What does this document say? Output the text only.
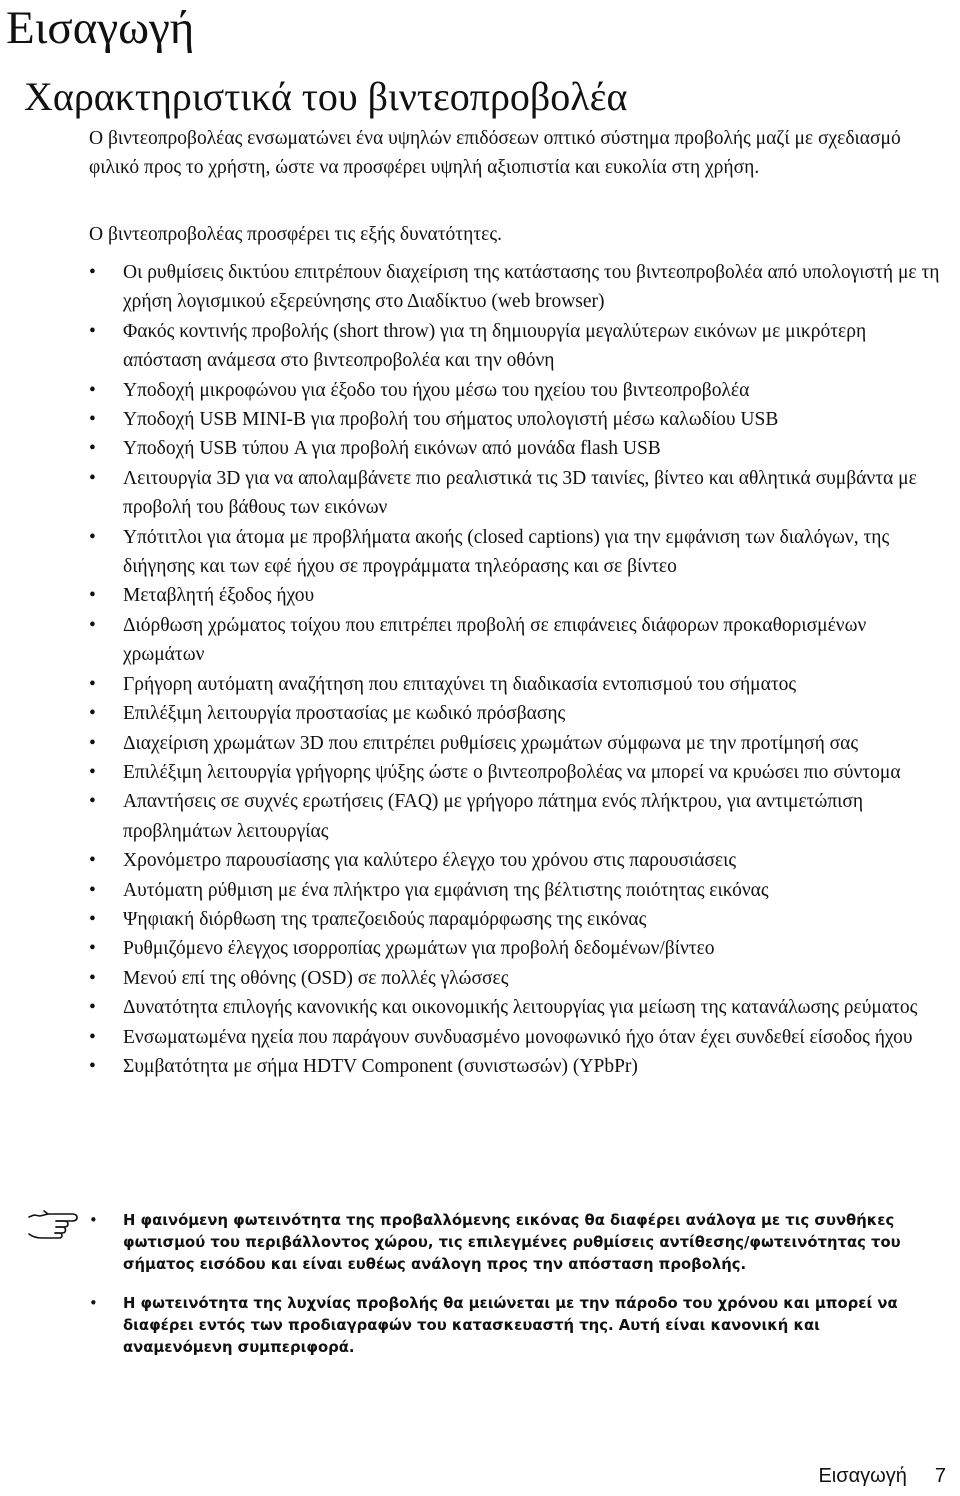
Εισαγωγή
Χαρακτηριστικά του βιντεοπροβολέα

Ο βιντεοπροβολέας ενσωματώνει ένα υψηλών επιδόσεων οπτικό σύστημα προβολής μαζί με σχεδιασμό φιλικό προς το χρήστη, ώστε να προσφέρει υψηλή αξιοπιστία και ευκολία στη χρήση.

Ο βιντεοπροβολέας προσφέρει τις εξής δυνατότητες.

• Οι ρυθμίσεις δικτύου επιτρέπουν διαχείριση της κατάστασης του βιντεοπροβολέα από υπολογιστή με τη χρήση λογισμικού εξερεύνησης στο Διαδίκτυο (web browser)
• Φακός κοντινής προβολής (short throw) για τη δημιουργία μεγαλύτερων εικόνων με μικρότερη απόσταση ανάμεσα στο βιντεοπροβολέα και την οθόνη
• Υποδοχή μικροφώνου για έξοδο του ήχου μέσω του ηχείου του βιντεοπροβολέα
• Υποδοχή USB MINI-B για προβολή του σήματος υπολογιστή μέσω καλωδίου USB
• Υποδοχή USB τύπου A για προβολή εικόνων από μονάδα flash USB
• Λειτουργία 3D για να απολαμβάνετε πιο ρεαλιστικά τις 3D ταινίες, βίντεο και αθλητικά συμβάντα με προβολή του βάθους των εικόνων
• Υπότιτλοι για άτομα με προβλήματα ακοής (closed captions) για την εμφάνιση των διαλόγων, της διήγησης και των εφέ ήχου σε προγράμματα τηλεόρασης και σε βίντεο
• Μεταβλητή έξοδος ήχου
• Διόρθωση χρώματος τοίχου που επιτρέπει προβολή σε επιφάνειες διάφορων προκαθορισμένων χρωμάτων
• Γρήγορη αυτόματη αναζήτηση που επιταχύνει τη διαδικασία εντοπισμού του σήματος
• Επιλέξιμη λειτουργία προστασίας με κωδικό πρόσβασης
• Διαχείριση χρωμάτων 3D που επιτρέπει ρυθμίσεις χρωμάτων σύμφωνα με την προτίμησή σας
• Επιλέξιμη λειτουργία γρήγορης ψύξης ώστε ο βιντεοπροβολέας να μπορεί να κρυώσει πιο σύντομα
• Απαντήσεις σε συχνές ερωτήσεις (FAQ) με γρήγορο πάτημα ενός πλήκτρου, για αντιμετώπιση προβλημάτων λειτουργίας
• Χρονόμετρο παρουσίασης για καλύτερο έλεγχο του χρόνου στις παρουσιάσεις
• Αυτόματη ρύθμιση με ένα πλήκτρο για εμφάνιση της βέλτιστης ποιότητας εικόνας
• Ψηφιακή διόρθωση της τραπεζοειδούς παραμόρφωσης της εικόνας
• Ρυθμιζόμενο έλεγχος ισορροπίας χρωμάτων για προβολή δεδομένων/βίντεο
• Μενού επί της οθόνης (OSD) σε πολλές γλώσσες
• Δυνατότητα επιλογής κανονικής και οικονομικής λειτουργίας για μείωση της κατανάλωσης ρεύματος
• Ενσωματωμένα ηχεία που παράγουν συνδυασμένο μονοφωνικό ήχο όταν έχει συνδεθεί είσοδος ήχου
• Συμβατότητα με σήμα HDTV Component (συνιστωσών) (YPbPr)
• Η φαινόμενη φωτεινότητα της προβαλλόμενης εικόνας θα διαφέρει ανάλογα με τις συνθήκες φωτισμού του περιβάλλοντος χώρου, τις επιλεγμένες ρυθμίσεις αντίθεσης/φωτεινότητας του σήματος εισόδου και είναι ευθέως ανάλογη προς την απόσταση προβολής.
• Η φωτεινότητα της λυχνίας προβολής θα μειώνεται με την πάροδο του χρόνου και μπορεί να διαφέρει εντός των προδιαγραφών του κατασκευαστή της. Αυτή είναι κανονική και αναμενόμενη συμπεριφορά.
Εισαγωγή 7
